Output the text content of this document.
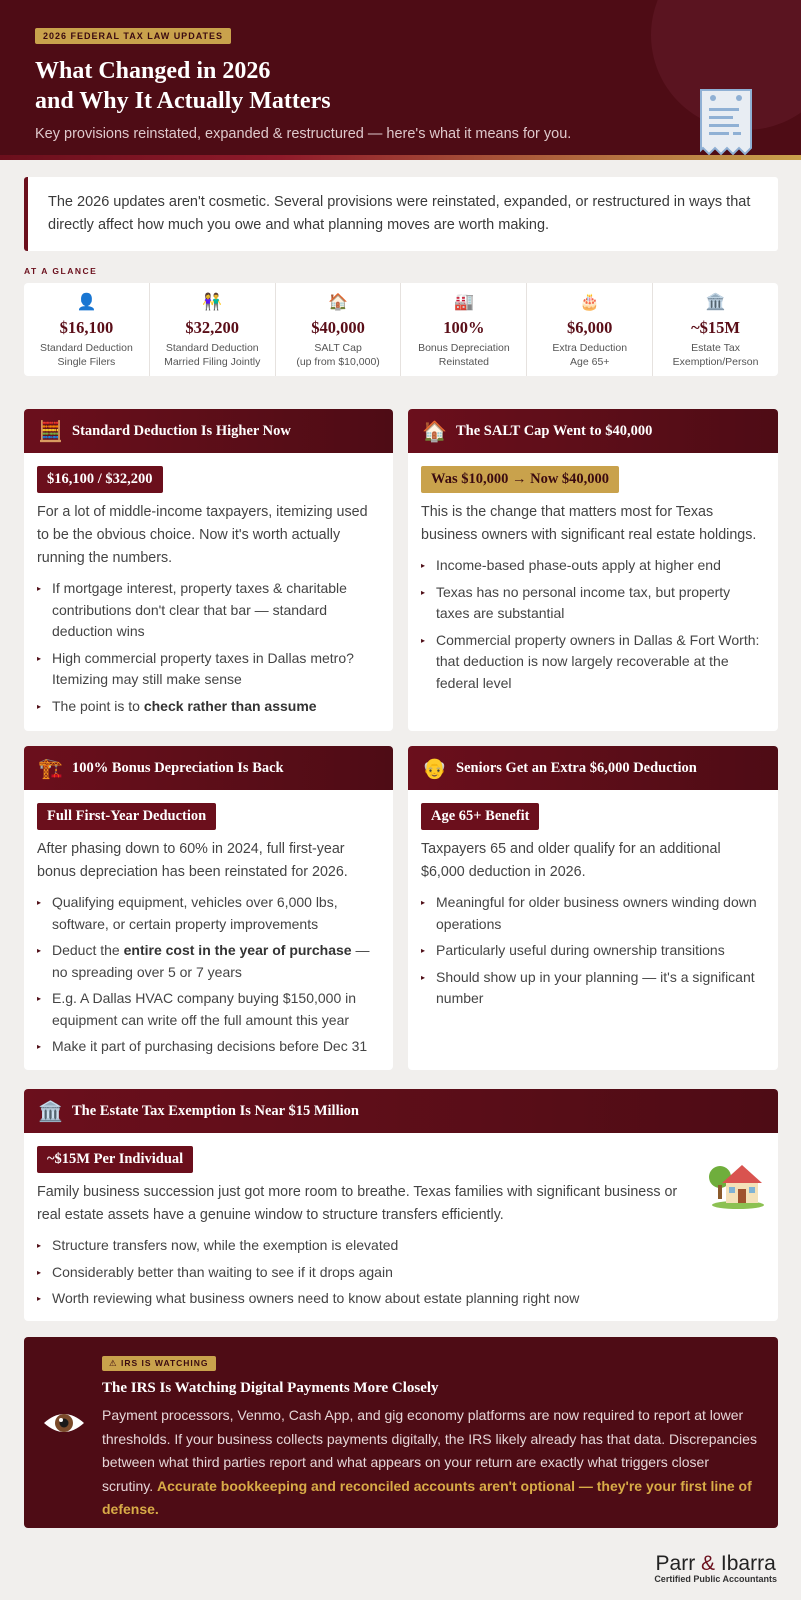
2026 FEDERAL TAX LAW UPDATES
What Changed in 2026
and Why It Actually Matters
Key provisions reinstated, expanded & restructured — here's what it means for you.
The 2026 updates aren't cosmetic. Several provisions were reinstated, expanded, or restructured in ways that directly affect how much you owe and what planning moves are worth making.
AT A GLANCE
👤
$16,100
Standard Deduction
Single Filers
👫
$32,200
Standard Deduction
Married Filing Jointly
🏠
$40,000
SALT Cap
(up from $10,000)
🏭
100%
Bonus Depreciation
Reinstated
🎂
$6,000
Extra Deduction
Age 65+
🏛️
~$15M
Estate Tax
Exemption/Person
🧮 Standard Deduction Is Higher Now
$16,100 / $32,200
For a lot of middle-income taxpayers, itemizing used to be the obvious choice. Now it's worth actually running the numbers.
▸ If mortgage interest, property taxes & charitable contributions don't clear that bar — standard deduction wins
▸ High commercial property taxes in Dallas metro? Itemizing may still make sense
▸ The point is to check rather than assume
🏠 The SALT Cap Went to $40,000
Was $10,000 → Now $40,000
This is the change that matters most for Texas business owners with significant real estate holdings.
▸ Income-based phase-outs apply at higher end
▸ Texas has no personal income tax, but property taxes are substantial
▸ Commercial property owners in Dallas & Fort Worth: that deduction is now largely recoverable at the federal level
🏗️ 100% Bonus Depreciation Is Back
Full First-Year Deduction
After phasing down to 60% in 2024, full first-year bonus depreciation has been reinstated for 2026.
▸ Qualifying equipment, vehicles over 6,000 lbs, software, or certain property improvements
▸ Deduct the entire cost in the year of purchase — no spreading over 5 or 7 years
▸ E.g. A Dallas HVAC company buying $150,000 in equipment can write off the full amount this year
▸ Make it part of purchasing decisions before Dec 31
👴 Seniors Get an Extra $6,000 Deduction
Age 65+ Benefit
Taxpayers 65 and older qualify for an additional $6,000 deduction in 2026.
▸ Meaningful for older business owners winding down operations
▸ Particularly useful during ownership transitions
▸ Should show up in your planning — it's a significant number
🏛️ The Estate Tax Exemption Is Near $15 Million
~$15M Per Individual
Family business succession just got more room to breathe. Texas families with significant business or real estate assets have a genuine window to structure transfers efficiently.
▸ Structure transfers now, while the exemption is elevated
▸ Considerably better than waiting to see if it drops again
▸ Worth reviewing what business owners need to know about estate planning right now
⚠ IRS IS WATCHING
The IRS Is Watching Digital Payments More Closely
Payment processors, Venmo, Cash App, and gig economy platforms are now required to report at lower thresholds. If your business collects payments digitally, the IRS likely already has that data. Discrepancies between what third parties report and what appears on your return are exactly what triggers closer scrutiny. Accurate bookkeeping and reconciled accounts aren't optional — they're your first line of defense.
Parr & Ibarra
Certified Public Accountants
